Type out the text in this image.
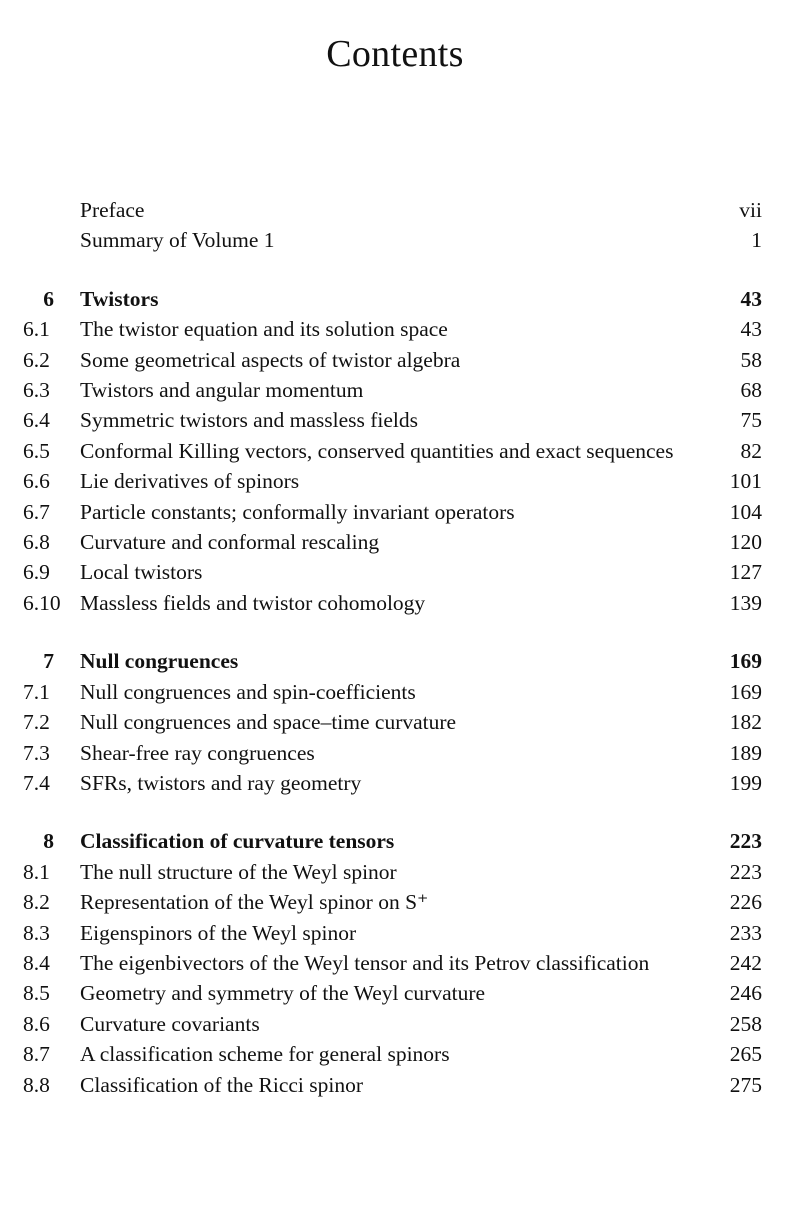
Contents
Preface	vii
Summary of Volume 1	1
6	Twistors	43
6.1	The twistor equation and its solution space	43
6.2	Some geometrical aspects of twistor algebra	58
6.3	Twistors and angular momentum	68
6.4	Symmetric twistors and massless fields	75
6.5	Conformal Killing vectors, conserved quantities and exact sequences	82
6.6	Lie derivatives of spinors	101
6.7	Particle constants; conformally invariant operators	104
6.8	Curvature and conformal rescaling	120
6.9	Local twistors	127
6.10 Massless fields and twistor cohomology	139
7	Null congruences	169
7.1	Null congruences and spin-coefficients	169
7.2	Null congruences and space–time curvature	182
7.3	Shear-free ray congruences	189
7.4	SFRs, twistors and ray geometry	199
8	Classification of curvature tensors	223
8.1	The null structure of the Weyl spinor	223
8.2	Representation of the Weyl spinor on S⁺	226
8.3	Eigenspinors of the Weyl spinor	233
8.4	The eigenbivectors of the Weyl tensor and its Petrov classification	242
8.5	Geometry and symmetry of the Weyl curvature	246
8.6	Curvature covariants	258
8.7	A classification scheme for general spinors	265
8.8	Classification of the Ricci spinor	275
